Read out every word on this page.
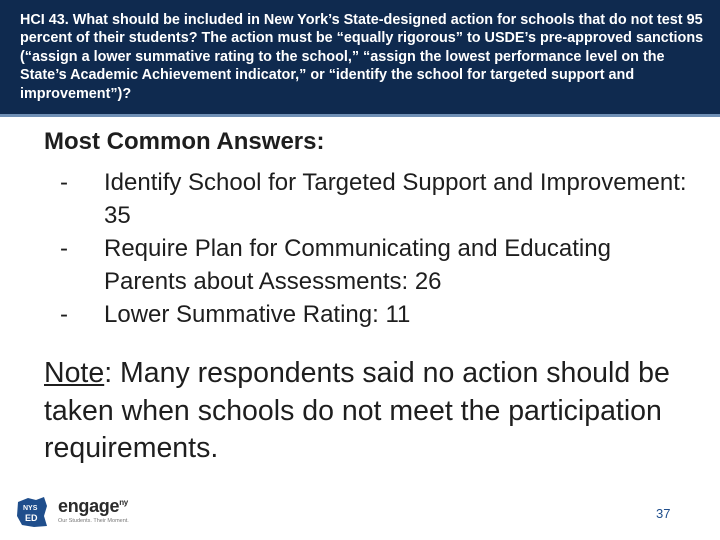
HCI 43. What should be included in New York’s State-designed action for schools that do not test 95 percent of their students? The action must be “equally rigorous” to USDE’s pre-approved sanctions (“assign a lower summative rating to the school,” “assign the lowest performance level on the State’s Academic Achievement indicator,” or “identify the school for targeted support and improvement”)?
Most Common Answers:
- Identify School for Targeted Support and Improvement: 35
- Require Plan for Communicating and Educating Parents about Assessments: 26
- Lower Summative Rating: 11
Note: Many respondents said no action should be taken when schools do not meet the participation requirements.
NYS
ED
engage$^{ny}$
Our Students. Their Moment.	37
